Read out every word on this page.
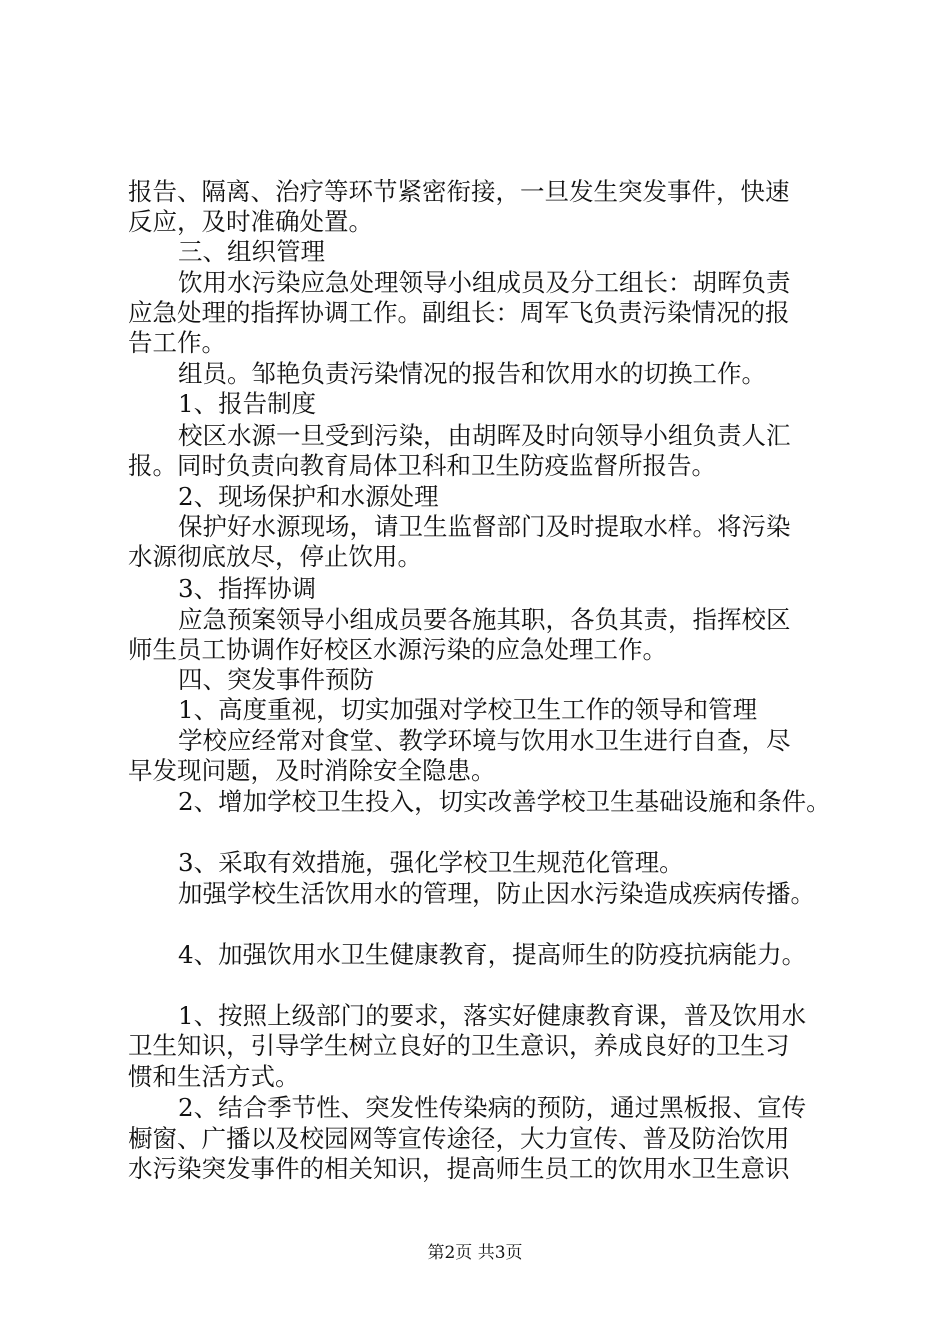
报告、隔离、治疗等环节紧密衔接，一旦发生突发事件，快速
反应，及时准确处置。
三、组织管理
饮用水污染应急处理领导小组成员及分工组长：胡晖负责
应急处理的指挥协调工作。副组长：周军飞负责污染情况的报
告工作。
组员。邹艳负责污染情况的报告和饮用水的切换工作。
1、报告制度
校区水源一旦受到污染，由胡晖及时向领导小组负责人汇
报。同时负责向教育局体卫科和卫生防疫监督所报告。
2、现场保护和水源处理
保护好水源现场，请卫生监督部门及时提取水样。将污染
水源彻底放尽，停止饮用。
3、指挥协调
应急预案领导小组成员要各施其职，各负其责，指挥校区
师生员工协调作好校区水源污染的应急处理工作。
四、突发事件预防
1、高度重视，切实加强对学校卫生工作的领导和管理
学校应经常对食堂、教学环境与饮用水卫生进行自查，尽
早发现问题，及时消除安全隐患。
2、增加学校卫生投入，切实改善学校卫生基础设施和条件。
3、采取有效措施，强化学校卫生规范化管理。
加强学校生活饮用水的管理，防止因水污染造成疾病传播。
4、加强饮用水卫生健康教育，提高师生的防疫抗病能力。
1、按照上级部门的要求，落实好健康教育课，普及饮用水
卫生知识，引导学生树立良好的卫生意识，养成良好的卫生习
惯和生活方式。
2、结合季节性、突发性传染病的预防，通过黑板报、宣传
橱窗、广播以及校园网等宣传途径，大力宣传、普及防治饮用
水污染突发事件的相关知识，提高师生员工的饮用水卫生意识
第2页 共3页
